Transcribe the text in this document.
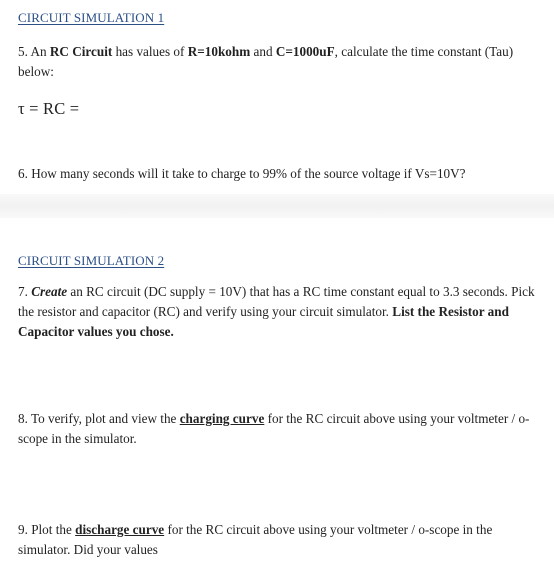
CIRCUIT SIMULATION 1
5. An RC Circuit has values of R=10kohm and C=1000uF, calculate the time constant (Tau) below:
τ = RC =
6. How many seconds will it take to charge to 99% of the source voltage if Vs=10V?
CIRCUIT SIMULATION 2
7. Create an RC circuit (DC supply = 10V) that has a RC time constant equal to 3.3 seconds. Pick the resistor and capacitor (RC) and verify using your circuit simulator. List the Resistor and Capacitor values you chose.
8. To verify, plot and view the charging curve for the RC circuit above using your voltmeter / o-scope in the simulator.
9. Plot the discharge curve for the RC circuit above using your voltmeter / o-scope in the simulator. Did your values
